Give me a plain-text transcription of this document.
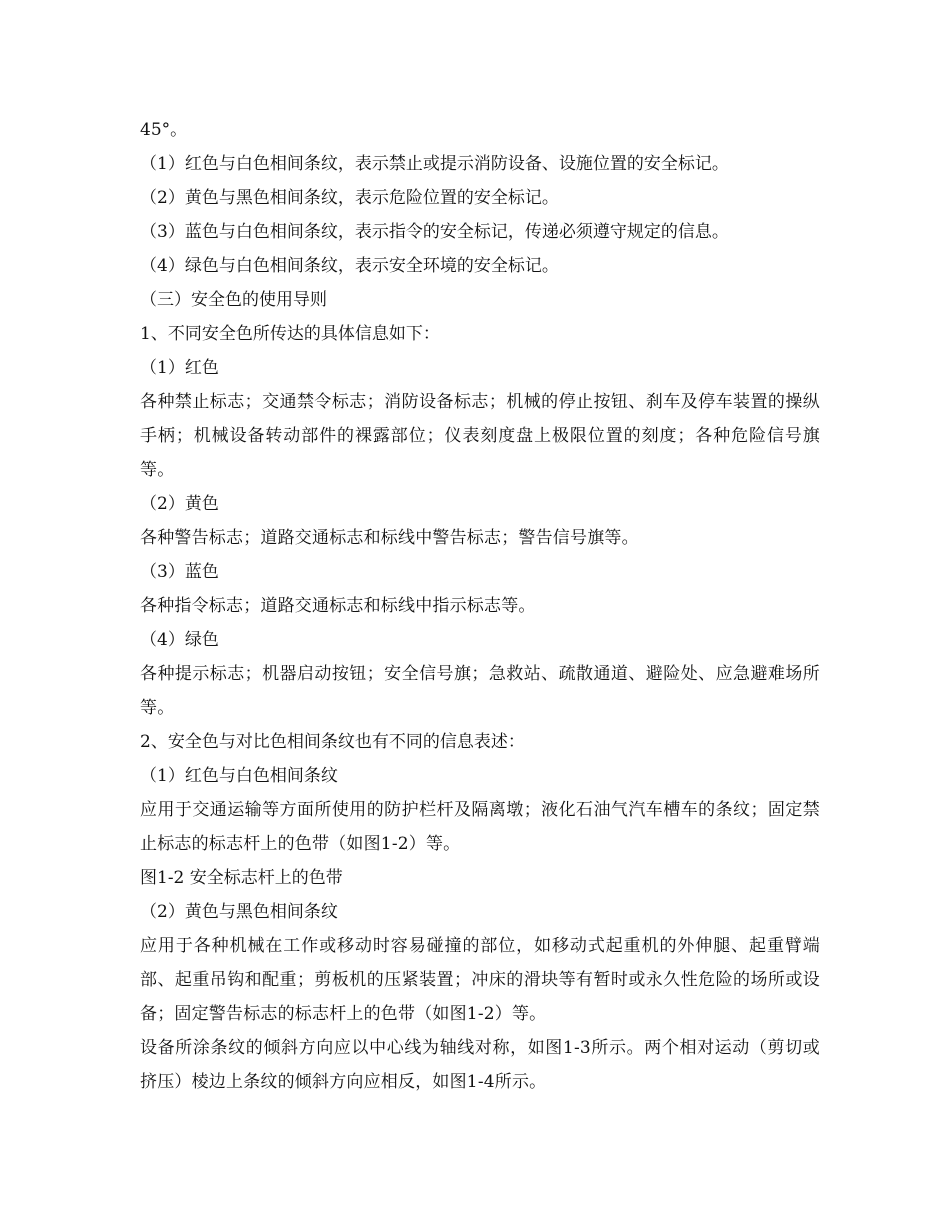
45°。
（1）红色与白色相间条纹，表示禁止或提示消防设备、设施位置的安全标记。
（2）黄色与黑色相间条纹，表示危险位置的安全标记。
（3）蓝色与白色相间条纹，表示指令的安全标记，传递必须遵守规定的信息。
（4）绿色与白色相间条纹，表示安全环境的安全标记。
（三）安全色的使用导则
1、不同安全色所传达的具体信息如下：
（1）红色
各种禁止标志；交通禁令标志；消防设备标志；机械的停止按钮、刹车及停车装置的操纵手柄；机械设备转动部件的裸露部位；仪表刻度盘上极限位置的刻度；各种危险信号旗等。
（2）黄色
各种警告标志；道路交通标志和标线中警告标志；警告信号旗等。
（3）蓝色
各种指令标志；道路交通标志和标线中指示标志等。
（4）绿色
各种提示标志；机器启动按钮；安全信号旗；急救站、疏散通道、避险处、应急避难场所等。
2、安全色与对比色相间条纹也有不同的信息表述：
（1）红色与白色相间条纹
应用于交通运输等方面所使用的防护栏杆及隔离墩；液化石油气汽车槽车的条纹；固定禁止标志的标志杆上的色带（如图1-2）等。
图1-2 安全标志杆上的色带
（2）黄色与黑色相间条纹
应用于各种机械在工作或移动时容易碰撞的部位，如移动式起重机的外伸腿、起重臂端部、起重吊钩和配重；剪板机的压紧装置；冲床的滑块等有暂时或永久性危险的场所或设备；固定警告标志的标志杆上的色带（如图1-2）等。
设备所涂条纹的倾斜方向应以中心线为轴线对称，如图1-3所示。两个相对运动（剪切或挤压）棱边上条纹的倾斜方向应相反，如图1-4所示。
